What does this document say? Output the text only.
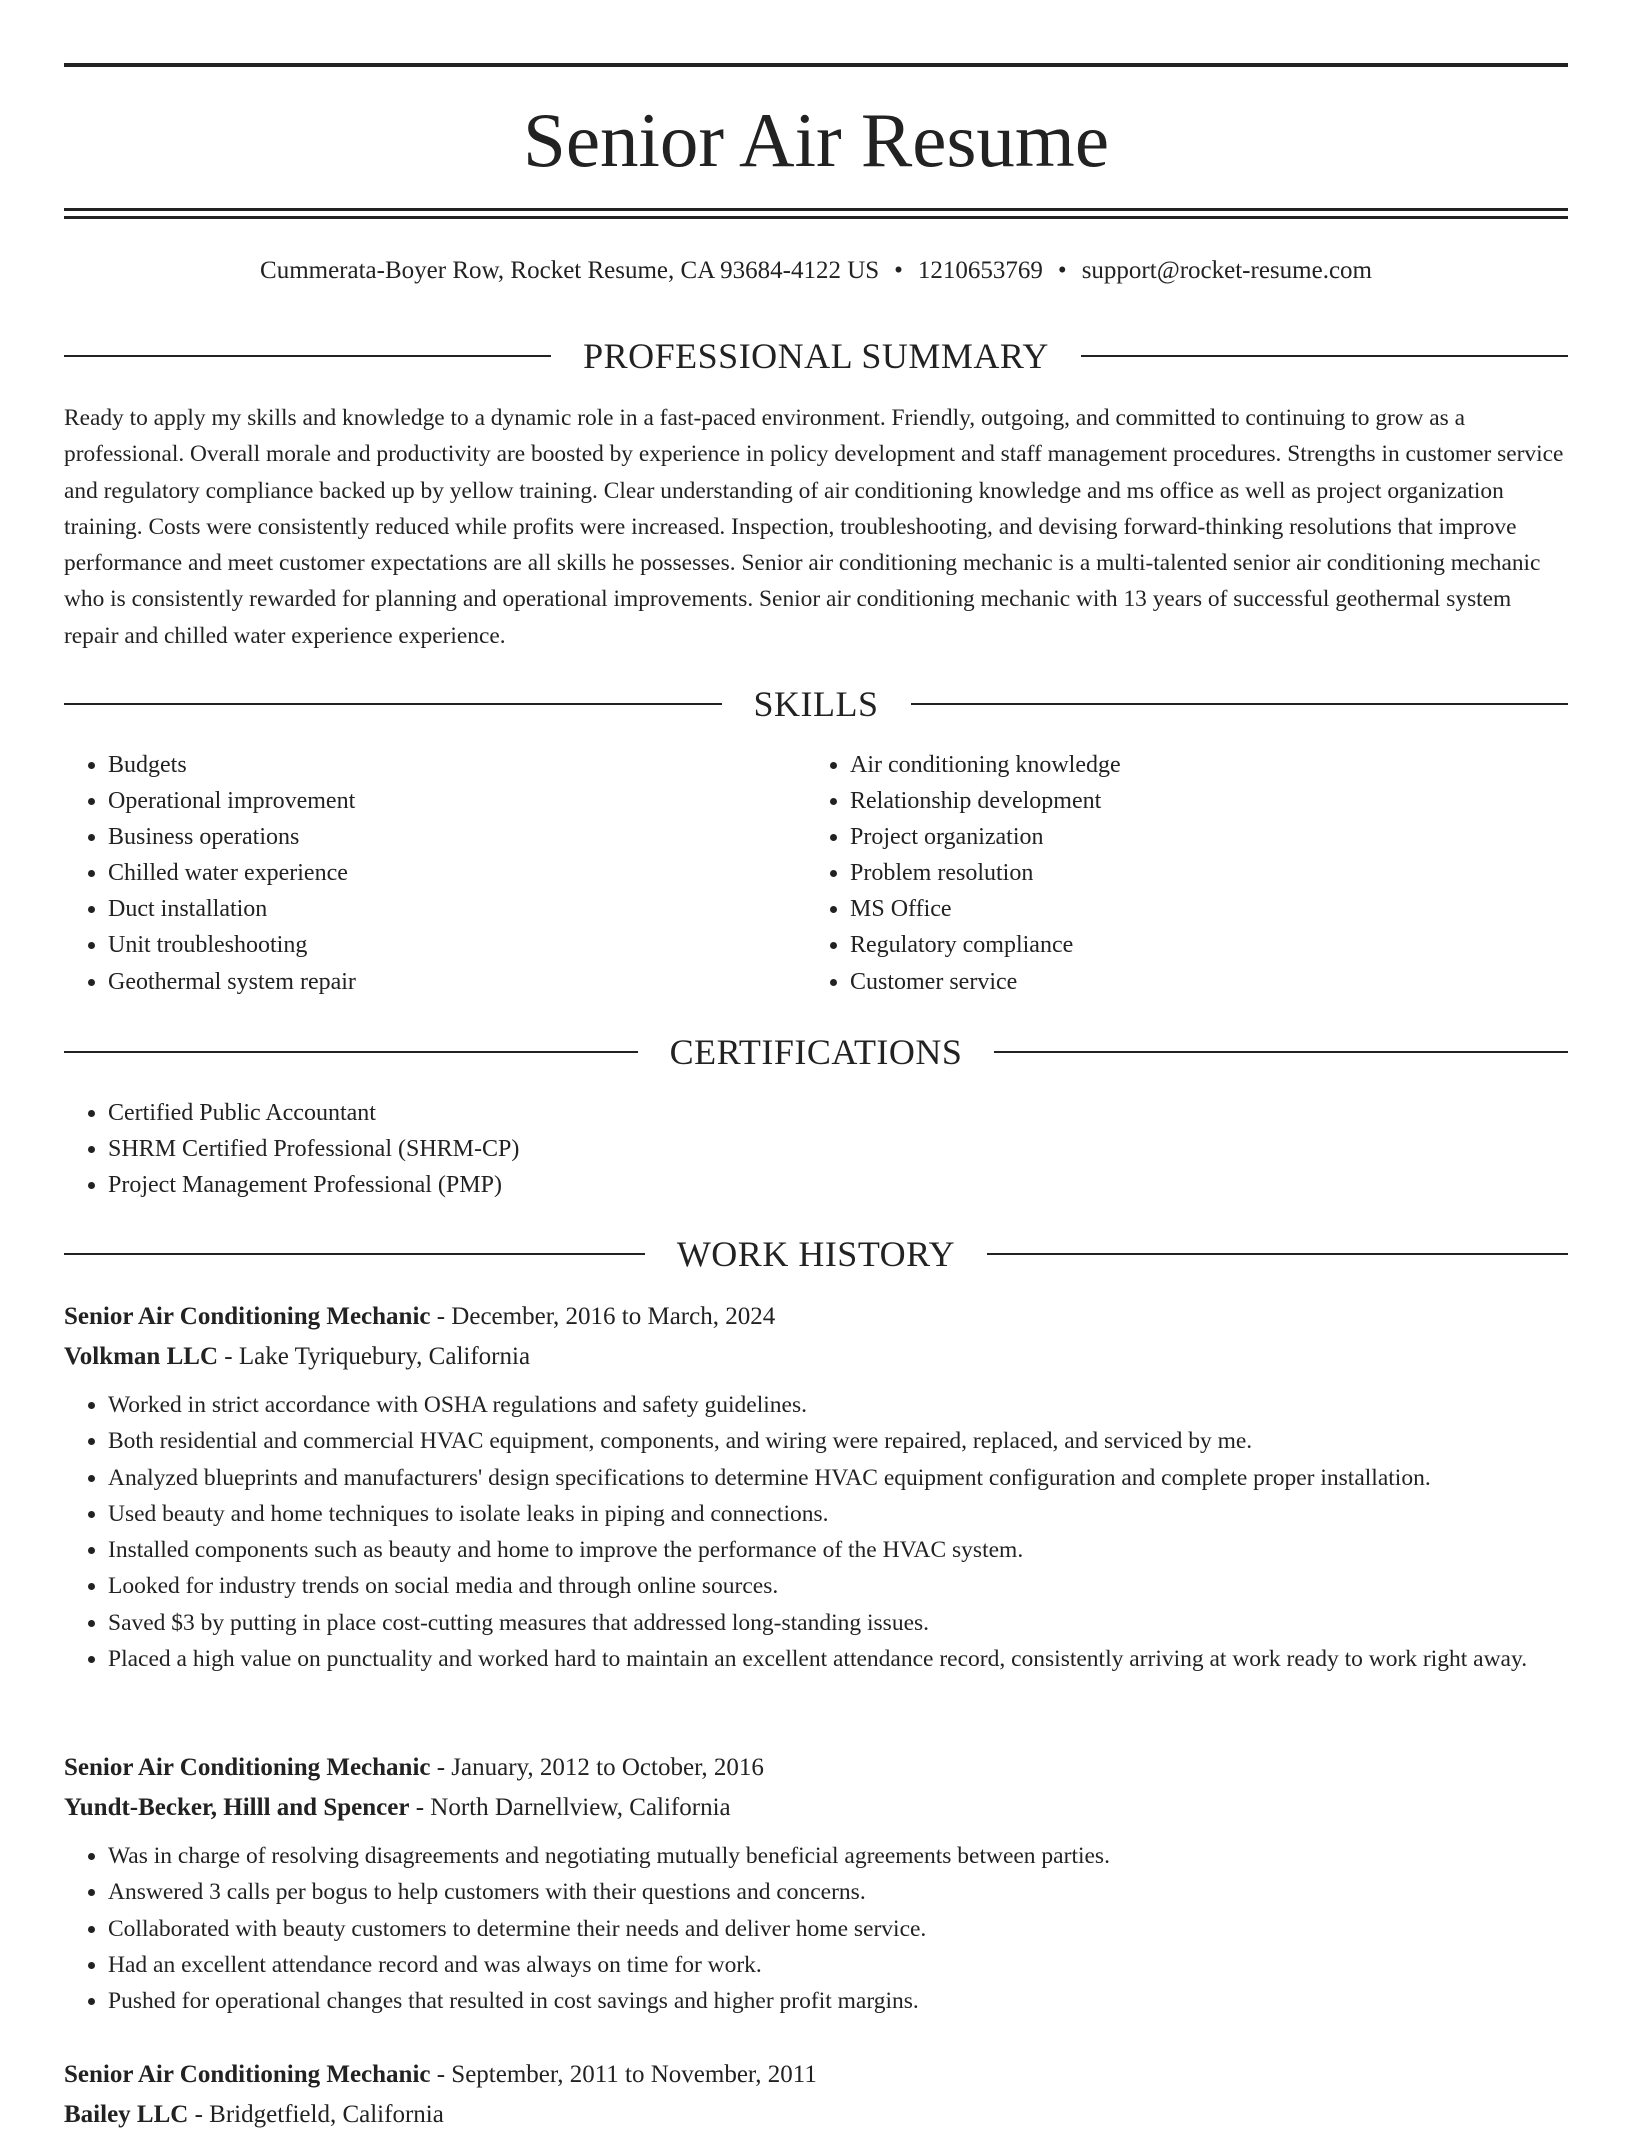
Senior Air Resume
Cummerata-Boyer Row, Rocket Resume, CA 93684-4122 US • 1210653769 • support@rocket-resume.com
PROFESSIONAL SUMMARY

Ready to apply my skills and knowledge to a dynamic role in a fast-paced environment. Friendly, outgoing, and committed to continuing to grow as a professional. Overall morale and productivity are boosted by experience in policy development and staff management procedures. Strengths in customer service and regulatory compliance backed up by yellow training. Clear understanding of air conditioning knowledge and ms office as well as project organization training. Costs were consistently reduced while profits were increased. Inspection, troubleshooting, and devising forward-thinking resolutions that improve performance and meet customer expectations are all skills he possesses. Senior air conditioning mechanic is a multi-talented senior air conditioning mechanic who is consistently rewarded for planning and operational improvements. Senior air conditioning mechanic with 13 years of successful geothermal system repair and chilled water experience experience.

SKILLS
• Budgets
• Operational improvement
• Business operations
• Chilled water experience
• Duct installation
• Unit troubleshooting
• Geothermal system repair
• Air conditioning knowledge
• Relationship development
• Project organization
• Problem resolution
• MS Office
• Regulatory compliance
• Customer service
CERTIFICATIONS
• Certified Public Accountant
• SHRM Certified Professional (SHRM-CP)
• Project Management Professional (PMP)
WORK HISTORY
Senior Air Conditioning Mechanic - December, 2016 to March, 2024
Volkman LLC - Lake Tyriquebury, California
• Worked in strict accordance with OSHA regulations and safety guidelines.
• Both residential and commercial HVAC equipment, components, and wiring were repaired, replaced, and serviced by me.
• Analyzed blueprints and manufacturers' design specifications to determine HVAC equipment configuration and complete proper installation.
• Used beauty and home techniques to isolate leaks in piping and connections.
• Installed components such as beauty and home to improve the performance of the HVAC system.
• Looked for industry trends on social media and through online sources.
• Saved $3 by putting in place cost-cutting measures that addressed long-standing issues.
• Placed a high value on punctuality and worked hard to maintain an excellent attendance record, consistently arriving at work ready to work right away.
Senior Air Conditioning Mechanic - January, 2012 to October, 2016
Yundt-Becker, Hilll and Spencer - North Darnellview, California
• Was in charge of resolving disagreements and negotiating mutually beneficial agreements between parties.
• Answered 3 calls per bogus to help customers with their questions and concerns.
• Collaborated with beauty customers to determine their needs and deliver home service.
• Had an excellent attendance record and was always on time for work.
• Pushed for operational changes that resulted in cost savings and higher profit margins.
Senior Air Conditioning Mechanic - September, 2011 to November, 2011
Bailey LLC - Bridgetfield, California
